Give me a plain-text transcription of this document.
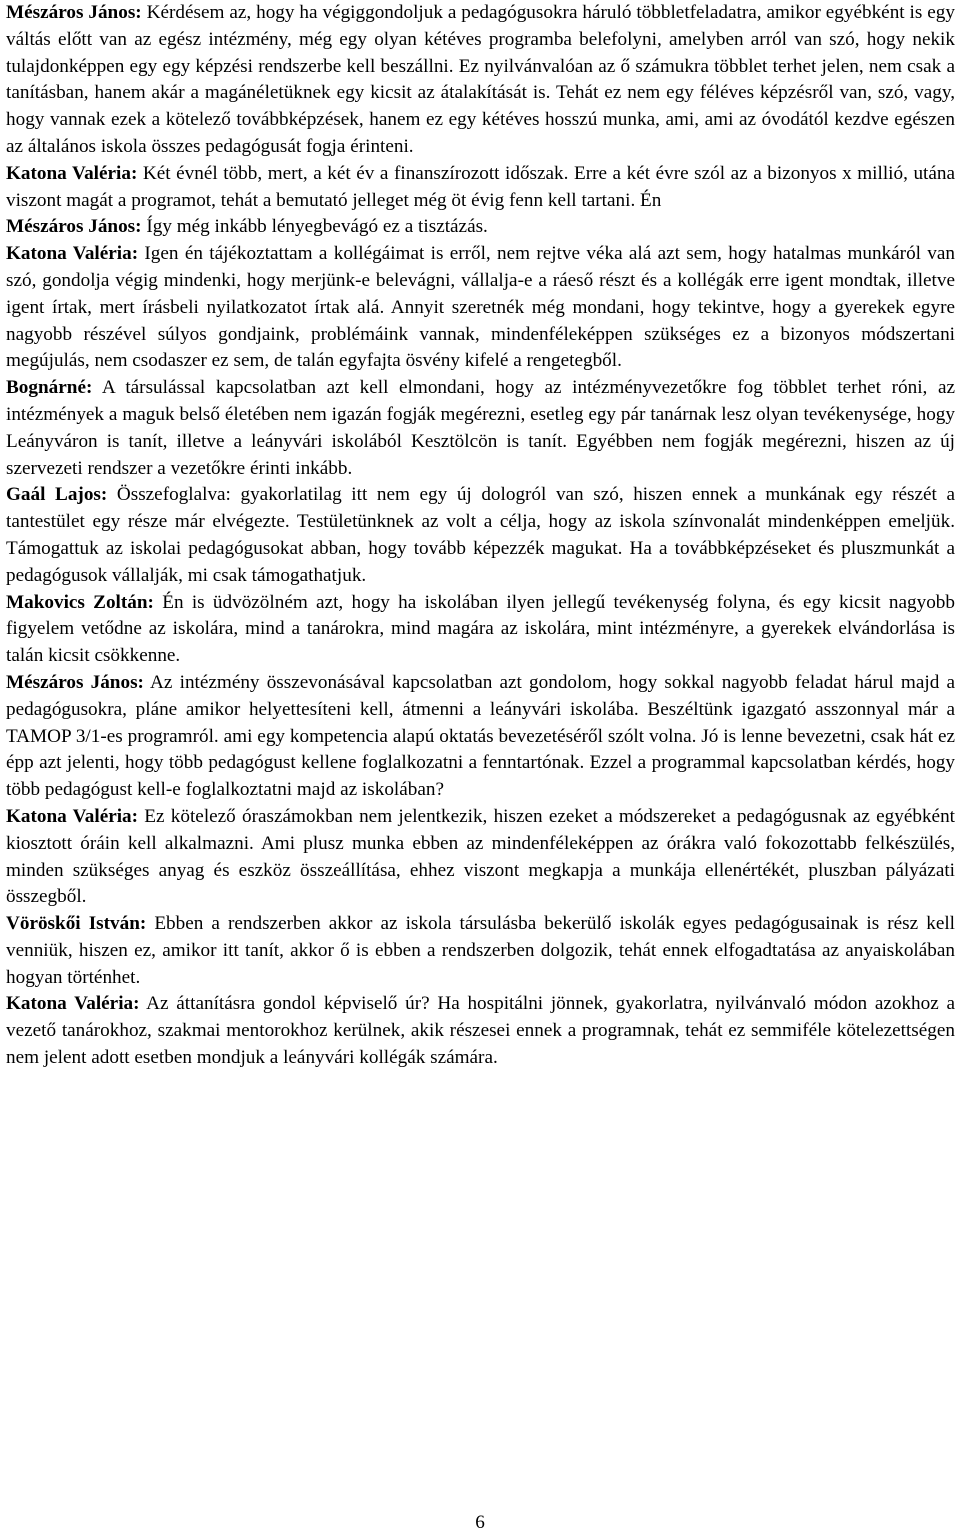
Mészáros János: Kérdésem az, hogy ha végiggondoljuk a pedagógusokra háruló többletfeladatra, amikor egyébként is egy váltás előtt van az egész intézmény, még egy olyan kétéves programba belefolyni, amelyben arról van szó, hogy nekik tulajdonképpen egy egy képzési rendszerbe kell beszállni. Ez nyilvánvalóan az ő számukra többlet terhet jelen, nem csak a tanításban, hanem akár a magánéletüknek egy kicsit az átalakítását is. Tehát ez nem egy féléves képzésről van, szó, vagy, hogy vannak ezek a kötelező továbbképzések, hanem ez egy kétéves hosszú munka, ami, ami az óvodától kezdve egészen az általános iskola összes pedagógusát fogja érinteni.

Katona Valéria: Két évnél több, mert, a két év a finanszírozott időszak. Erre a két évre szól az a bizonyos x millió, utána viszont magát a programot, tehát a bemutató jelleget még öt évig fenn kell tartani. Én

Mészáros János: Így még inkább lényegbevágó ez a tisztázás.

Katona Valéria: Igen én tájékoztattam a kollégáimat is erről, nem rejtve véka alá azt sem, hogy hatalmas munkáról van szó, gondolja végig mindenki, hogy merjünk-e belevágni, vállalja-e a ráeső részt és a kollégák erre igent mondtak, illetve igent írtak, mert írásbeli nyilatkozatot írtak alá. Annyit szeretnék még mondani, hogy tekintve, hogy a gyerekek egyre nagyobb részével súlyos gondjaink, problémáink vannak, mindenféleképpen szükséges ez a bizonyos módszertani megújulás, nem csodaszer ez sem, de talán egyfajta ösvény kifelé a rengetegből.

Bognárné: A társulással kapcsolatban azt kell elmondani, hogy az intézményvezetőkre fog többlet terhet róni, az intézmények a maguk belső életében nem igazán fogják megérezni, esetleg egy pár tanárnak lesz olyan tevékenysége, hogy Leányváron is tanít, illetve a leányvári iskolából Kesztölcön is tanít. Egyébben nem fogják megérezni, hiszen az új szervezeti rendszer a vezetőkre érinti inkább.

Gaál Lajos: Összefoglalva: gyakorlatilag itt nem egy új dologról van szó, hiszen ennek a munkának egy részét a tantestület egy része már elvégezte. Testületünknek az volt a célja, hogy az iskola színvonalát mindenképpen emeljük. Támogattuk az iskolai pedagógusokat abban, hogy tovább képezzék magukat. Ha a továbbképzéseket és pluszmunkát a pedagógusok vállalják, mi csak támogathatjuk.

Makovics Zoltán: Én is üdvözölném azt, hogy ha iskolában ilyen jellegű tevékenység folyna, és egy kicsit nagyobb figyelem vetődne az iskolára, mind a tanárokra, mind magára az iskolára, mint intézményre, a gyerekek elvándorlása is talán kicsit csökkenne.

Mészáros János: Az intézmény összevonásával kapcsolatban azt gondolom, hogy sokkal nagyobb feladat hárul majd a pedagógusokra, pláne amikor helyettesíteni kell, átmenni a leányvári iskolába. Beszéltünk igazgató asszonnyal már a TAMOP 3/1-es programról. ami egy kompetencia alapú oktatás bevezetéséről szólt volna. Jó is lenne bevezetni, csak hát ez épp azt jelenti, hogy több pedagógust kellene foglalkozatni a fenntartónak. Ezzel a programmal kapcsolatban kérdés, hogy több pedagógust kell-e foglalkoztatni majd az iskolában?

Katona Valéria: Ez kötelező óraszámokban nem jelentkezik, hiszen ezeket a módszereket a pedagógusnak az egyébként kiosztott óráin kell alkalmazni. Ami plusz munka ebben az mindenféleképpen az órákra való fokozottabb felkészülés, minden szükséges anyag és eszköz összeállítása, ehhez viszont megkapja a munkája ellenértékét, pluszban pályázati összegből.

Vöröskői István: Ebben a rendszerben akkor az iskola társulásba bekerülő iskolák egyes pedagógusainak is rész kell venniük, hiszen ez, amikor itt tanít, akkor ő is ebben a rendszerben dolgozik, tehát ennek elfogadtatása az anyaiskolában hogyan történhet.

Katona Valéria: Az áttanításra gondol képviselő úr? Ha hospitálni jönnek, gyakorlatra, nyilvánvaló módon azokhoz a vezető tanárokhoz, szakmai mentorokhoz kerülnek, akik részesei ennek a programnak, tehát ez semmiféle kötelezettségen nem jelent adott esetben mondjuk a leányvári kollégák számára.

6
